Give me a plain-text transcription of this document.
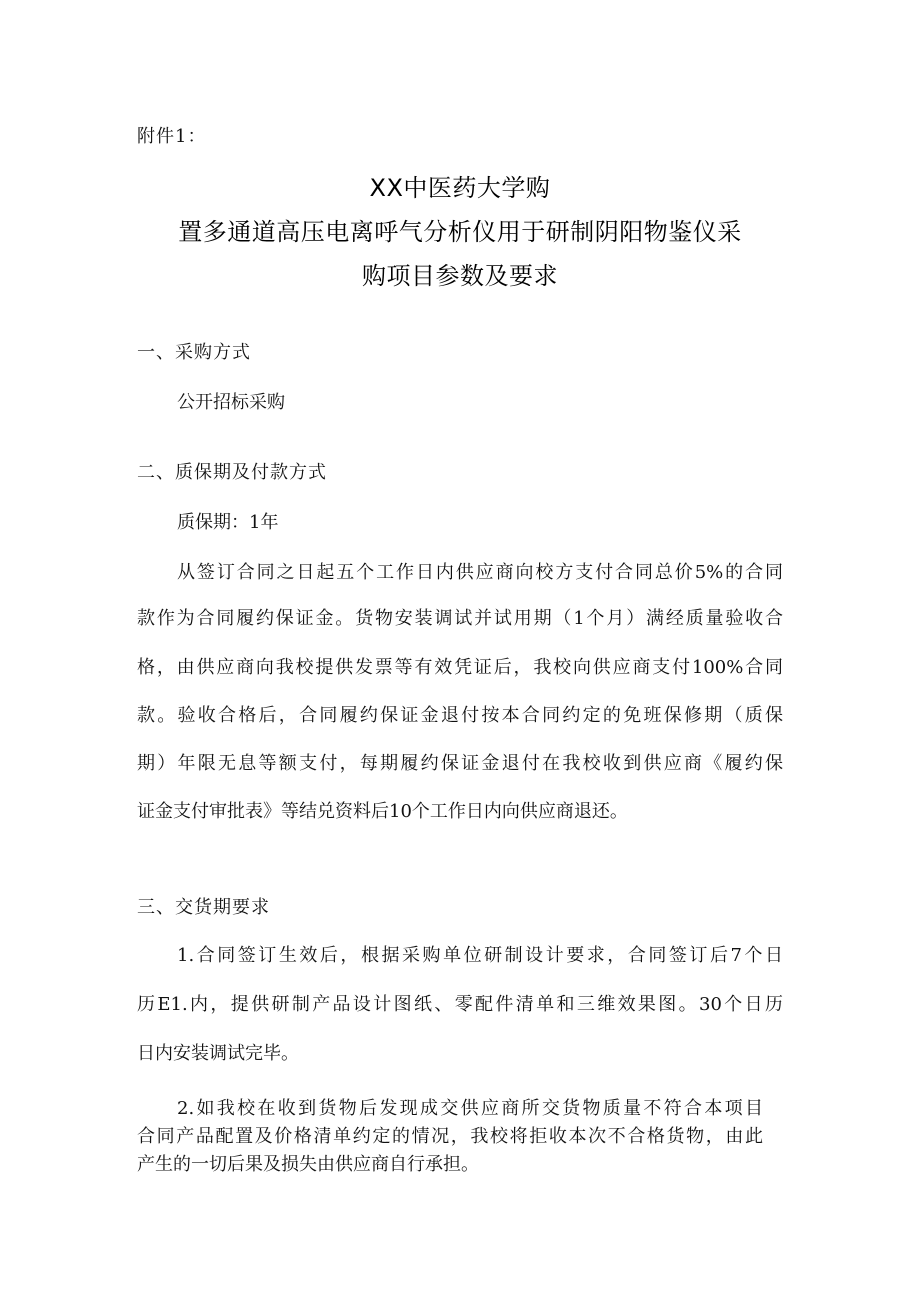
附件1：
XX中医药大学购
置多通道高压电离呼气分析仪用于研制阴阳物鉴仪采
购项目参数及要求
一、采购方式
公开招标采购
二、质保期及付款方式
质保期：1年
从签订合同之日起五个工作日内供应商向校方支付合同总价5%的合同
款作为合同履约保证金。货物安装调试并试用期（1个月）满经质量验收合
格，由供应商向我校提供发票等有效凭证后，我校向供应商支付100%合同
款。验收合格后，合同履约保证金退付按本合同约定的免班保修期（质保
期）年限无息等额支付，每期履约保证金退付在我校收到供应商《履约保
证金支付审批表》等结兑资料后10个工作日内向供应商退还。
三、交货期要求
1.合同签订生效后，根据采购单位研制设计要求，合同签订后7个日
历E1.内，提供研制产品设计图纸、零配件清单和三维效果图。30个日历
日内安装调试完毕。
2.如我校在收到货物后发现成交供应商所交货物质量不符合本项目
合同产品配置及价格清单约定的情况，我校将拒收本次不合格货物，由此
产生的一切后果及损失由供应商自行承担。
